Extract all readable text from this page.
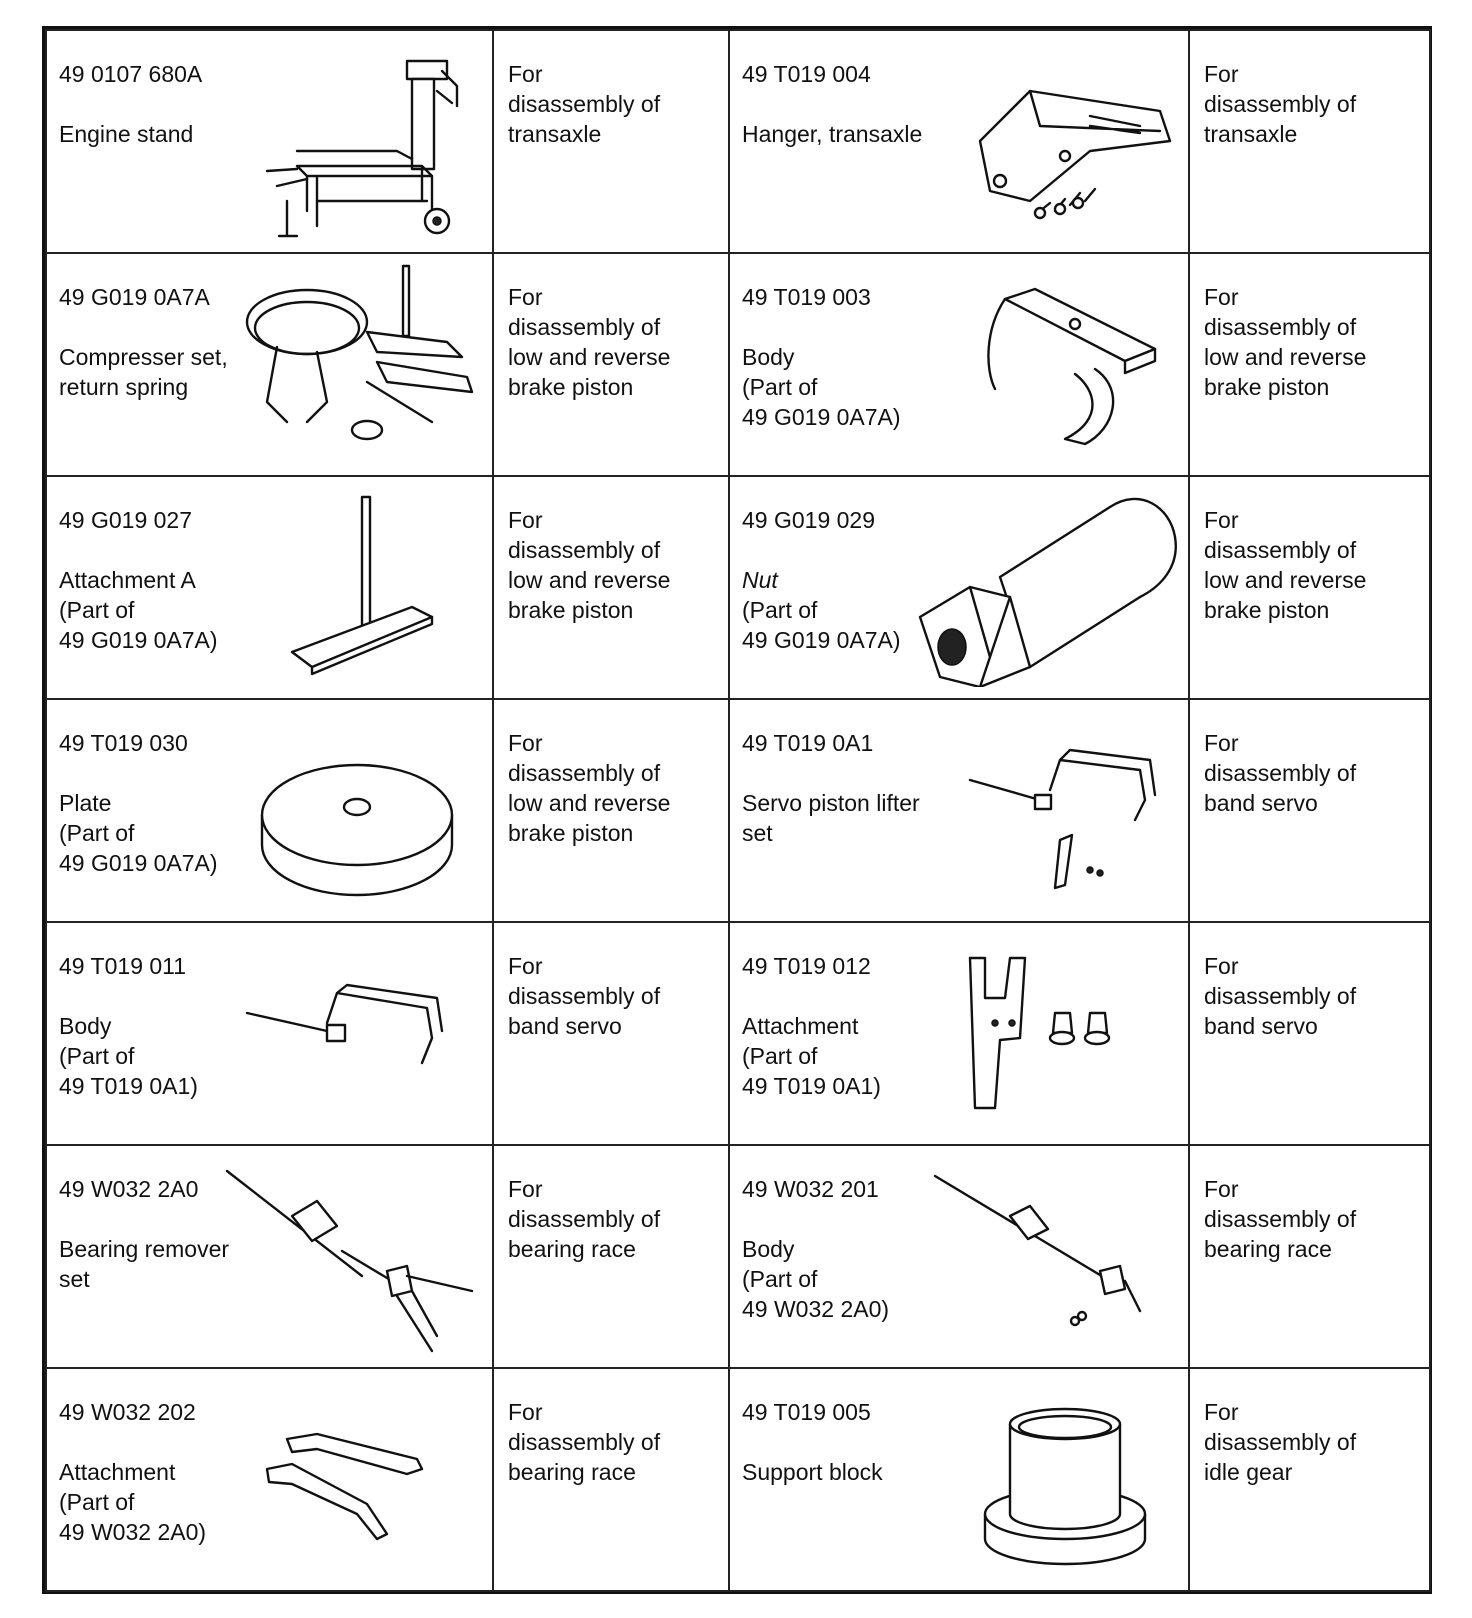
49 0107 680A
Engine stand	For
disassembly of
transaxle	49 T019 004
Hanger, transaxle	For
disassembly of
transaxle

49 G019 0A7A
Compresser set,
return spring	For
disassembly of
low and reverse
brake piston	49 T019 003
Body
(Part of
49 G019 0A7A)	For
disassembly of
low and reverse
brake piston

49 G019 027
Attachment A
(Part of
49 G019 0A7A)	For
disassembly of
low and reverse
brake piston	49 G019 029
Nut
(Part of
49 G019 0A7A)	For
disassembly of
low and reverse
brake piston

49 T019 030
Plate
(Part of
49 G019 0A7A)	For
disassembly of
low and reverse
brake piston	49 T019 0A1
Servo piston lifter
set	For
disassembly of
band servo

49 T019 011
Body
(Part of
49 T019 0A1)	For
disassembly of
band servo	49 T019 012
Attachment
(Part of
49 T019 0A1)	For
disassembly of
band servo

49 W032 2A0
Bearing remover
set	For
disassembly of
bearing race	49 W032 201
Body
(Part of
49 W032 2A0)	For
disassembly of
bearing race

49 W032 202
Attachment
(Part of
49 W032 2A0)	For
disassembly of
bearing race	49 T019 005
Support block	For
disassembly of
idle gear
